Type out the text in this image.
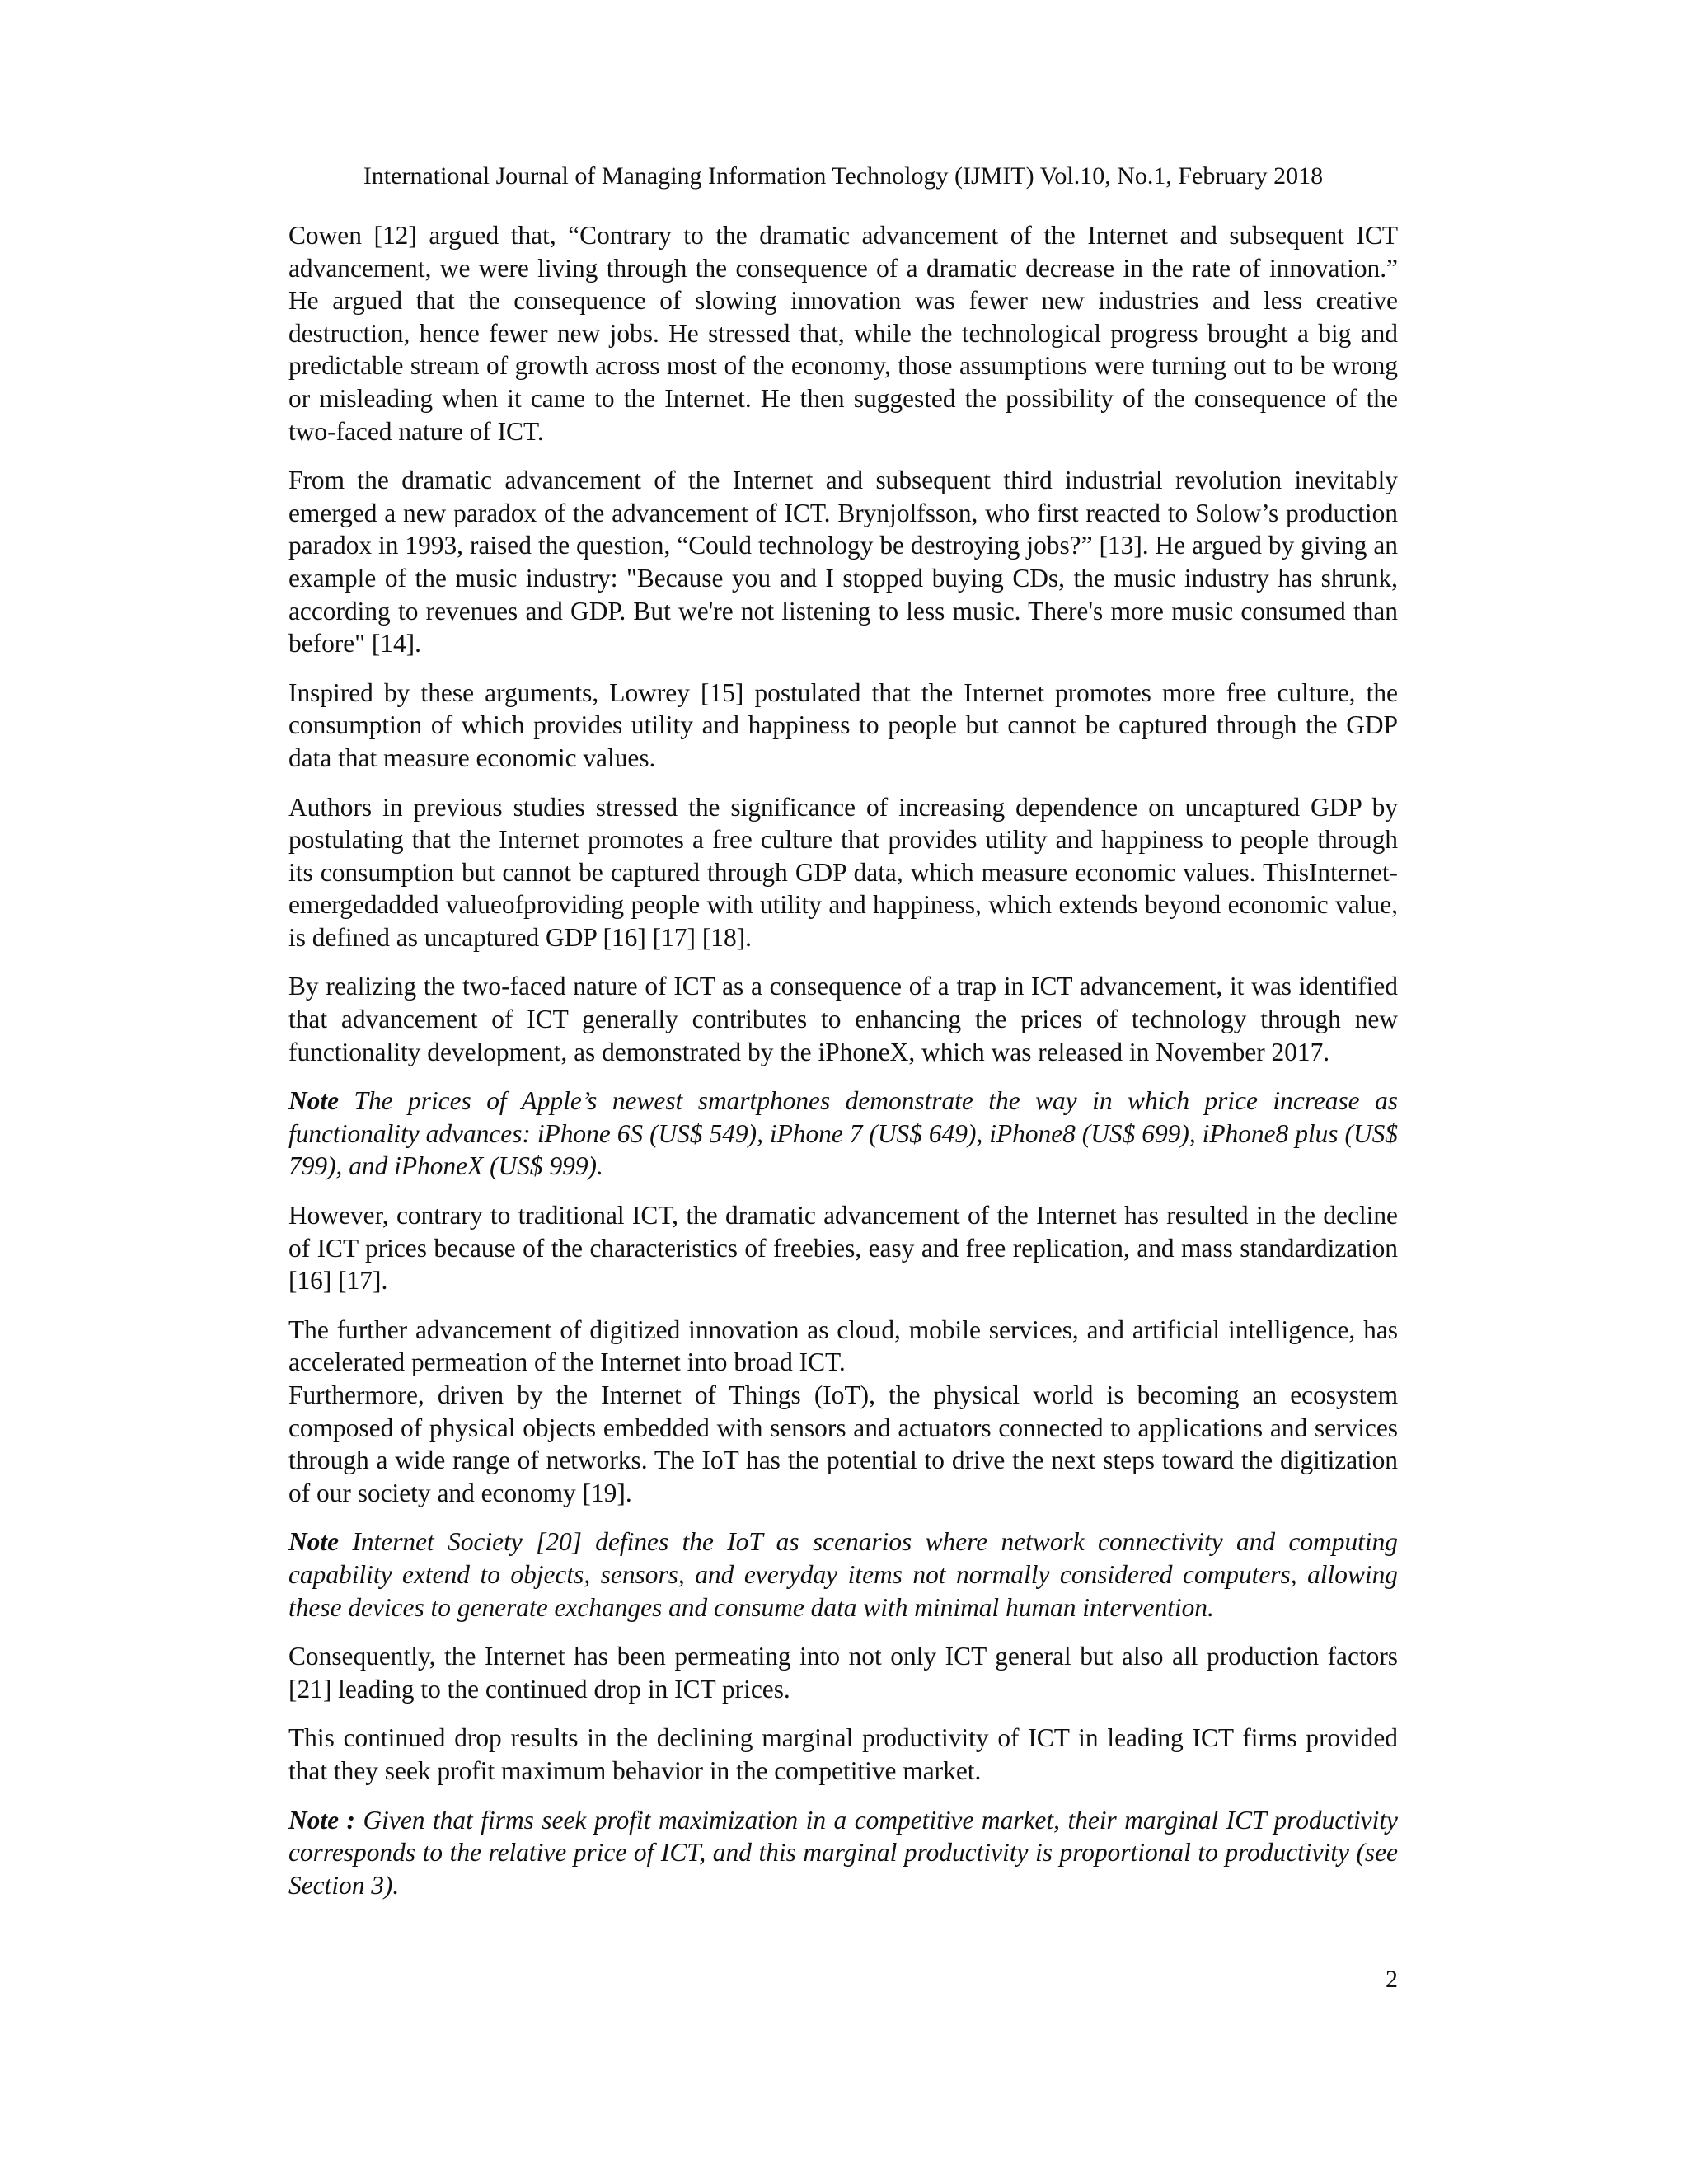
International Journal of Managing Information Technology (IJMIT) Vol.10, No.1, February 2018

Cowen [12] argued that, “Contrary to the dramatic advancement of the Internet and subsequent ICT advancement, we were living through the consequence of a dramatic decrease in the rate of innovation.” He argued that the consequence of slowing innovation was fewer new industries and less creative destruction, hence fewer new jobs. He stressed that, while the technological progress brought a big and predictable stream of growth across most of the economy, those assumptions were turning out to be wrong or misleading when it came to the Internet. He then suggested the possibility of the consequence of the two-faced nature of ICT.

From the dramatic advancement of the Internet and subsequent third industrial revolution inevitably emerged a new paradox of the advancement of ICT. Brynjolfsson, who first reacted to Solow’s production paradox in 1993, raised the question, “Could technology be destroying jobs?” [13]. He argued by giving an example of the music industry: "Because you and I stopped buying CDs, the music industry has shrunk, according to revenues and GDP. But we're not listening to less music. There's more music consumed than before" [14].

Inspired by these arguments, Lowrey [15] postulated that the Internet promotes more free culture, the consumption of which provides utility and happiness to people but cannot be captured through the GDP data that measure economic values.

Authors in previous studies stressed the significance of increasing dependence on uncaptured GDP by postulating that the Internet promotes a free culture that provides utility and happiness to people through its consumption but cannot be captured through GDP data, which measure economic values. ThisInternet-emergedadded valueofproviding people with utility and happiness, which extends beyond economic value, is defined as uncaptured GDP [16] [17] [18].

By realizing the two-faced nature of ICT as a consequence of a trap in ICT advancement, it was identified that advancement of ICT generally contributes to enhancing the prices of technology through new functionality development, as demonstrated by the iPhoneX, which was released in November 2017.

Note The prices of Apple’s newest smartphones demonstrate the way in which price increase as functionality advances: iPhone 6S (US$ 549), iPhone 7 (US$ 649), iPhone8 (US$ 699), iPhone8 plus (US$ 799), and iPhoneX (US$ 999).

However, contrary to traditional ICT, the dramatic advancement of the Internet has resulted in the decline of ICT prices because of the characteristics of freebies, easy and free replication, and mass standardization [16] [17].

The further advancement of digitized innovation as cloud, mobile services, and artificial intelligence, has accelerated permeation of the Internet into broad ICT.

Furthermore, driven by the Internet of Things (IoT), the physical world is becoming an ecosystem composed of physical objects embedded with sensors and actuators connected to applications and services through a wide range of networks. The IoT has the potential to drive the next steps toward the digitization of our society and economy [19].

Note Internet Society [20] defines the IoT as scenarios where network connectivity and computing capability extend to objects, sensors, and everyday items not normally considered computers, allowing these devices to generate exchanges and consume data with minimal human intervention.

Consequently, the Internet has been permeating into not only ICT general but also all production factors [21] leading to the continued drop in ICT prices.

This continued drop results in the declining marginal productivity of ICT in leading ICT firms provided that they seek profit maximum behavior in the competitive market.

Note : Given that firms seek profit maximization in a competitive market, their marginal ICT productivity corresponds to the relative price of ICT, and this marginal productivity is proportional to productivity (see Section 3).

2
